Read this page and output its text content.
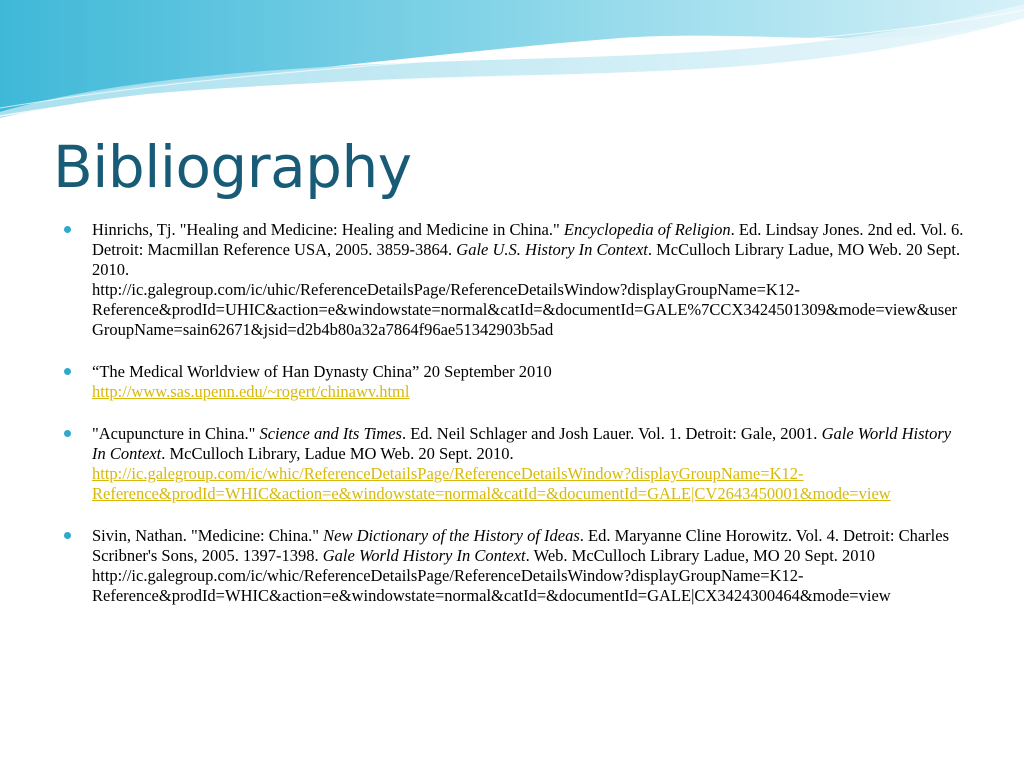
Bibliography
Hinrichs, Tj. "Healing and Medicine: Healing and Medicine in China." Encyclopedia of Religion. Ed. Lindsay Jones. 2nd ed. Vol. 6. Detroit: Macmillan Reference USA, 2005. 3859-3864. Gale U.S. History In Context. McCulloch Library Ladue, MO Web. 20 Sept. 2010.
http://ic.galegroup.com/ic/uhic/ReferenceDetailsPage/ReferenceDetailsWindow?displayGroupName=K12-Reference&prodId=UHIC&action=e&windowstate=normal&catId=&documentId=GALE%7CCX3424501309&mode=view&userGroupName=sain62671&jsid=d2b4b80a32a7864f96ae51342903b5ad
“The Medical Worldview of Han Dynasty China” 20 September 2010
http://www.sas.upenn.edu/~rogert/chinawv.html
"Acupuncture in China." Science and Its Times. Ed. Neil Schlager and Josh Lauer. Vol. 1. Detroit: Gale, 2001. Gale World History In Context. McCulloch Library, Ladue MO Web. 20 Sept. 2010.
http://ic.galegroup.com/ic/whic/ReferenceDetailsPage/ReferenceDetailsWindow?displayGroupName=K12-Reference&prodId=WHIC&action=e&windowstate=normal&catId=&documentId=GALE|CV2643450001&mode=view
Sivin, Nathan. "Medicine: China." New Dictionary of the History of Ideas. Ed. Maryanne Cline Horowitz. Vol. 4. Detroit: Charles Scribner's Sons, 2005. 1397-1398. Gale World History In Context. Web. McCulloch Library Ladue, MO 20 Sept. 2010
http://ic.galegroup.com/ic/whic/ReferenceDetailsPage/ReferenceDetailsWindow?displayGroupName=K12-Reference&prodId=WHIC&action=e&windowstate=normal&catId=&documentId=GALE|CX3424300464&mode=view
